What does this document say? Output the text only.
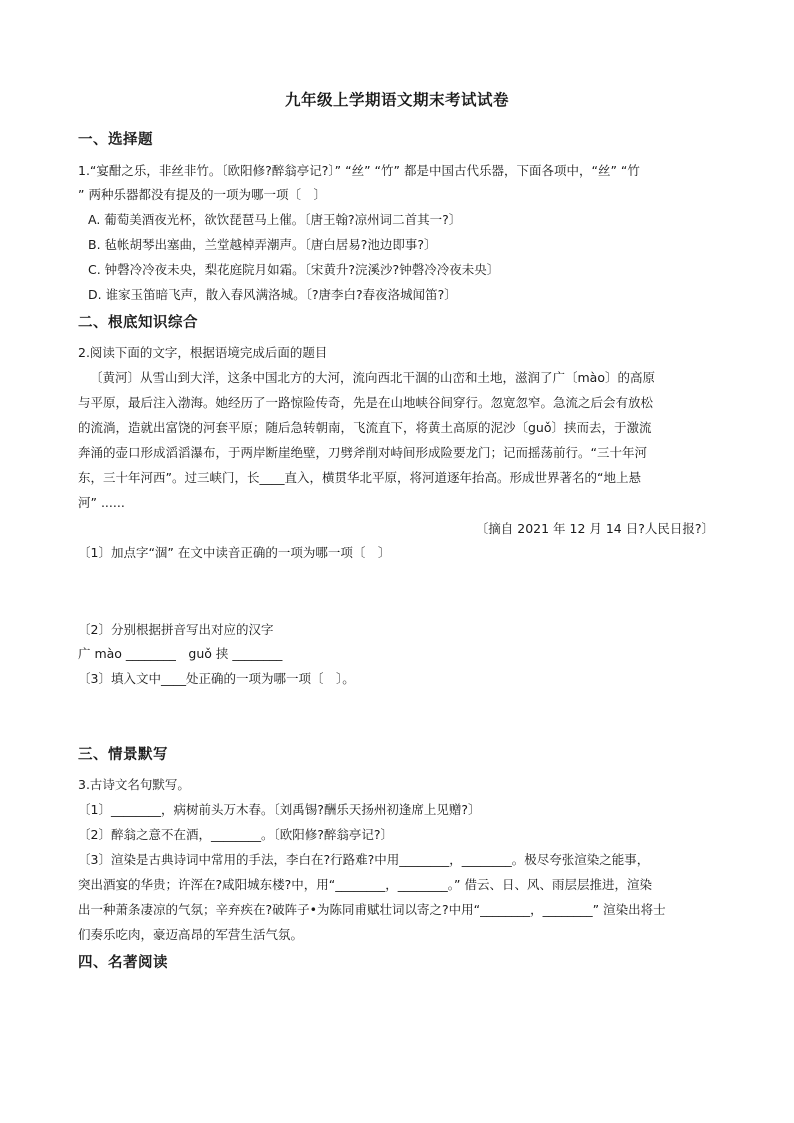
九年级上学期语文期末考试试卷
一、选择题
1.“宴酣之乐，非丝非竹。〔欧阳修?醉翁亭记?〕” “丝” “竹” 都是中国古代乐器，下面各项中，“丝” “竹
” 两种乐器都没有提及的一项为哪一项〔　〕
A. 葡萄美酒夜光杯，欲饮琵琶马上催。〔唐王翰?凉州词二首其一?〕
B. 毡帐胡琴出塞曲，兰堂越棹弄潮声。〔唐白居易?池边即事?〕
C. 钟磬冷冷夜未央，梨花庭院月如霜。〔宋黄升?浣溪沙?钟磬冷冷夜未央〕
D. 谁家玉笛暗飞声，散入春风满洛城。〔?唐李白?春夜洛城闻笛?〕
二、根底知识综合
2.阅读下面的文字，根据语境完成后面的题目
〔黄河〕从雪山到大洋，这条中国北方的大河，流向西北干涸的山峦和土地，滋润了广〔mào〕的高原
与平原，最后注入渤海。她经历了一路惊险传奇，先是在山地峡谷间穿行。忽宽忽窄。急流之后会有放松
的流淌，造就出富饶的河套平原；随后急转朝南，飞流直下，将黄土高原的泥沙〔guǒ〕挟而去，于激流
奔涌的壶口形成滔滔瀑布，于两岸断崖绝壁，刀劈斧削对峙间形成险要龙门；记而摇荡前行。“三十年河
东，三十年河西”。过三峡门，长____直入，横贯华北平原，将河道逐年抬高。形成世界著名的“地上悬
河” ......
〔摘自 2021 年 12 月 14 日?人民日报?〕
〔1〕加点字“涸” 在文中读音正确的一项为哪一项〔　〕
〔2〕分别根据拼音写出对应的汉字
广 mào ________　guǒ 挟 ________
〔3〕填入文中____处正确的一项为哪一项〔　〕。
三、情景默写
3.古诗文名句默写。
〔1〕________，病树前头万木春。〔刘禹锡?酬乐天扬州初逢席上见赠?〕
〔2〕醉翁之意不在酒，________。〔欧阳修?醉翁亭记?〕
〔3〕渲染是古典诗词中常用的手法，李白在?行路难?中用________，________。极尽夸张渲染之能事，
突出酒宴的华贵；许浑在?咸阳城东楼?中，用“________，________。” 借云、日、风、雨层层推进，渲染
出一种萧条凄凉的气氛；辛弃疾在?破阵子•为陈同甫赋壮词以寄之?中用“________，________” 渲染出将士
们奏乐吃肉，豪迈高昂的军营生活气氛。
四、名著阅读
